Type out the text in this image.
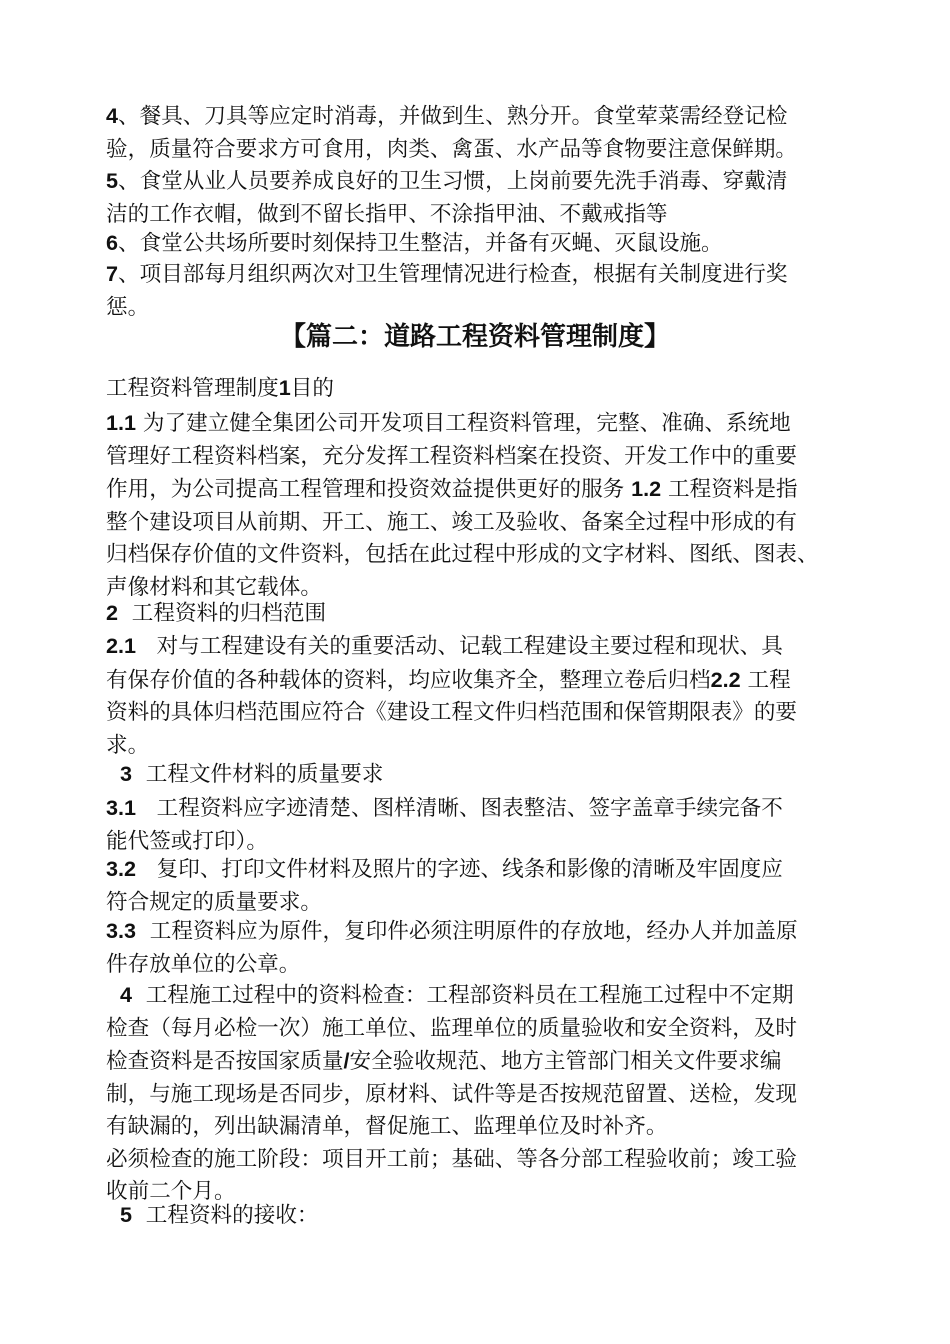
4、餐具、刀具等应定时消毒，并做到生、熟分开。食堂荤菜需经登记检

验，质量符合要求方可食用，肉类、禽蛋、水产品等食物要注意保鲜期。

5、食堂从业人员要养成良好的卫生习惯，上岗前要先洗手消毒、穿戴清

洁的工作衣帽，做到不留长指甲、不涂指甲油、不戴戒指等

6、食堂公共场所要时刻保持卫生整洁，并备有灭蝇、灭鼠设施。

7、项目部每月组织两次对卫生管理情况进行检查，根据有关制度进行奖

惩。

【篇二：道路工程资料管理制度】

工程资料管理制度1目的

1.1 为了建立健全集团公司开发项目工程资料管理，完整、准确、系统地

管理好工程资料档案，充分发挥工程资料档案在投资、开发工作中的重要

作用，为公司提高工程管理和投资效益提供更好的服务 1.2 工程资料是指

整个建设项目从前期、开工、施工、竣工及验收、备案全过程中形成的有

归档保存价值的文件资料，包括在此过程中形成的文字材料、图纸、图表、

声像材料和其它载体。

2 工程资料的归档范围

2.1 对与工程建设有关的重要活动、记载工程建设主要过程和现状、具

有保存价值的各种载体的资料，均应收集齐全，整理立卷后归档2.2 工程

资料的具体归档范围应符合《建设工程文件归档范围和保管期限表》的要

求。

3 工程文件材料的质量要求

3.1 工程资料应字迹清楚、图样清晰、图表整洁、签字盖章手续完备不

能代签或打印）。

3.2 复印、打印文件材料及照片的字迹、线条和影像的清晰及牢固度应

符合规定的质量要求。

3.3 工程资料应为原件，复印件必须注明原件的存放地，经办人并加盖原

件存放单位的公章。

4 工程施工过程中的资料检查：工程部资料员在工程施工过程中不定期

检查（每月必检一次）施工单位、监理单位的质量验收和安全资料，及时

检查资料是否按国家质量/安全验收规范、地方主管部门相关文件要求编

制，与施工现场是否同步，原材料、试件等是否按规范留置、送检，发现

有缺漏的，列出缺漏清单，督促施工、监理单位及时补齐。

必须检查的施工阶段：项目开工前；基础、等各分部工程验收前；竣工验

收前二个月。

5 工程资料的接收：
